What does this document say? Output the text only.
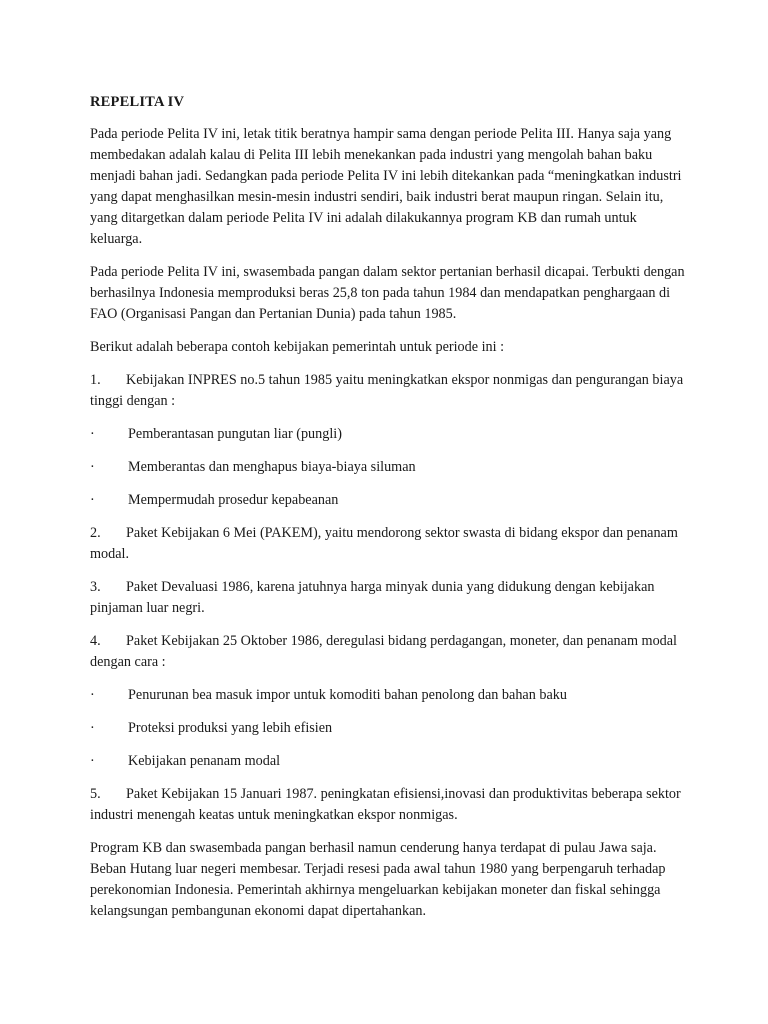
REPELITA IV
Pada periode Pelita IV ini, letak titik beratnya hampir sama dengan periode Pelita III. Hanya saja yang membedakan adalah kalau di Pelita III lebih menekankan pada industri yang mengolah bahan baku menjadi bahan jadi. Sedangkan pada periode Pelita IV ini lebih ditekankan pada “meningkatkan industri yang dapat menghasilkan mesin-mesin industri sendiri, baik industri berat maupun ringan. Selain itu, yang ditargetkan dalam periode Pelita IV ini adalah dilakukannya program KB dan rumah untuk keluarga.
Pada periode Pelita IV ini, swasembada pangan dalam sektor pertanian berhasil dicapai. Terbukti dengan berhasilnya Indonesia memproduksi beras 25,8 ton pada tahun 1984 dan mendapatkan penghargaan di FAO (Organisasi Pangan dan Pertanian Dunia) pada tahun 1985.
Berikut adalah beberapa contoh kebijakan pemerintah untuk periode ini :
1. Kebijakan INPRES no.5 tahun 1985 yaitu meningkatkan ekspor nonmigas dan pengurangan biaya tinggi dengan :
· Pemberantasan pungutan liar (pungli)
· Memberantas dan menghapus biaya-biaya siluman
· Mempermudah prosedur kepabeanan
2. Paket Kebijakan 6 Mei (PAKEM), yaitu mendorong sektor swasta di bidang ekspor dan penanam modal.
3. Paket Devaluasi 1986, karena jatuhnya harga minyak dunia yang didukung dengan kebijakan pinjaman luar negri.
4. Paket Kebijakan 25 Oktober 1986, deregulasi bidang perdagangan, moneter, dan penanam modal dengan cara :
· Penurunan bea masuk impor untuk komoditi bahan penolong dan bahan baku
· Proteksi produksi yang lebih efisien
· Kebijakan penanam modal
5. Paket Kebijakan 15 Januari 1987. peningkatan efisiensi,inovasi dan produktivitas beberapa sektor industri menengah keatas untuk meningkatkan ekspor nonmigas.
Program KB dan swasembada pangan berhasil namun cenderung hanya terdapat di pulau Jawa saja. Beban Hutang luar negeri membesar. Terjadi resesi pada awal tahun 1980 yang berpengaruh terhadap perekonomian Indonesia. Pemerintah akhirnya mengeluarkan kebijakan moneter dan fiskal sehingga kelangsungan pembangunan ekonomi dapat dipertahankan.
